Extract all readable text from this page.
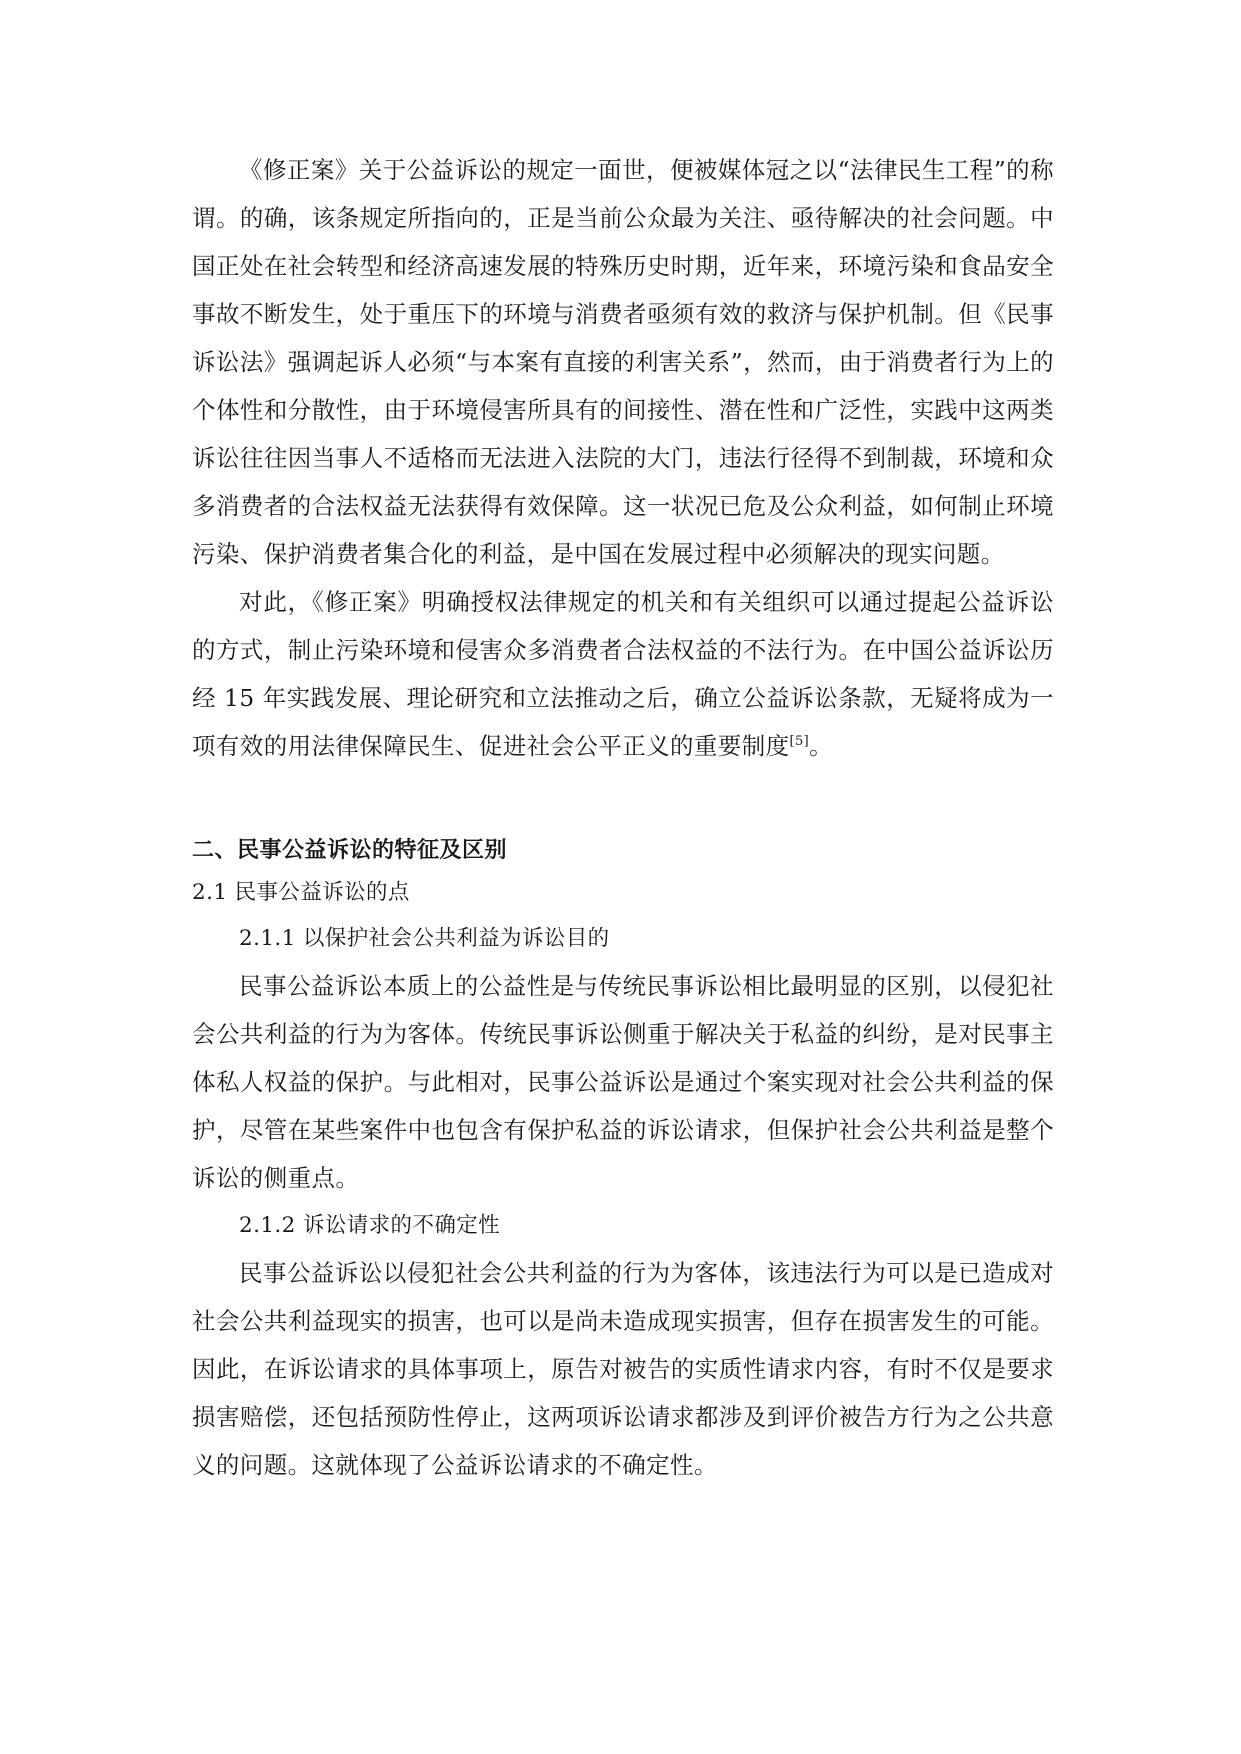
《修正案》关于公益诉讼的规定一面世，便被媒体冠之以“法律民生工程”的称谓。的确，该条规定所指向的，正是当前公众最为关注、亟待解决的社会问题。中国正处在社会转型和经济高速发展的特殊历史时期，近年来，环境污染和食品安全事故不断发生，处于重压下的环境与消费者亟须有效的救济与保护机制。但《民事诉讼法》强调起诉人必须“与本案有直接的利害关系”，然而，由于消费者行为上的个体性和分散性，由于环境侵害所具有的间接性、潜在性和广泛性，实践中这两类诉讼往往因当事人不适格而无法进入法院的大门，违法行径得不到制裁，环境和众多消费者的合法权益无法获得有效保障。这一状况已危及公众利益，如何制止环境污染、保护消费者集合化的利益，是中国在发展过程中必须解决的现实问题。

对此，《修正案》明确授权法律规定的机关和有关组织可以通过提起公益诉讼的方式，制止污染环境和侵害众多消费者合法权益的不法行为。在中国公益诉讼历经 15 年实践发展、理论研究和立法推动之后，确立公益诉讼条款，无疑将成为一项有效的用法律保障民生、促进社会公平正义的重要制度[5]。

二、民事公益诉讼的特征及区别

2.1 民事公益诉讼的点

2.1.1 以保护社会公共利益为诉讼目的

民事公益诉讼本质上的公益性是与传统民事诉讼相比最明显的区别，以侵犯社会公共利益的行为为客体。传统民事诉讼侧重于解决关于私益的纠纷，是对民事主体私人权益的保护。与此相对，民事公益诉讼是通过个案实现对社会公共利益的保护，尽管在某些案件中也包含有保护私益的诉讼请求，但保护社会公共利益是整个诉讼的侧重点。

2.1.2 诉讼请求的不确定性

民事公益诉讼以侵犯社会公共利益的行为为客体，该违法行为可以是已造成对社会公共利益现实的损害，也可以是尚未造成现实损害，但存在损害发生的可能。因此，在诉讼请求的具体事项上，原告对被告的实质性请求内容，有时不仅是要求损害赔偿，还包括预防性停止，这两项诉讼请求都涉及到评价被告方行为之公共意义的问题。这就体现了公益诉讼请求的不确定性。
